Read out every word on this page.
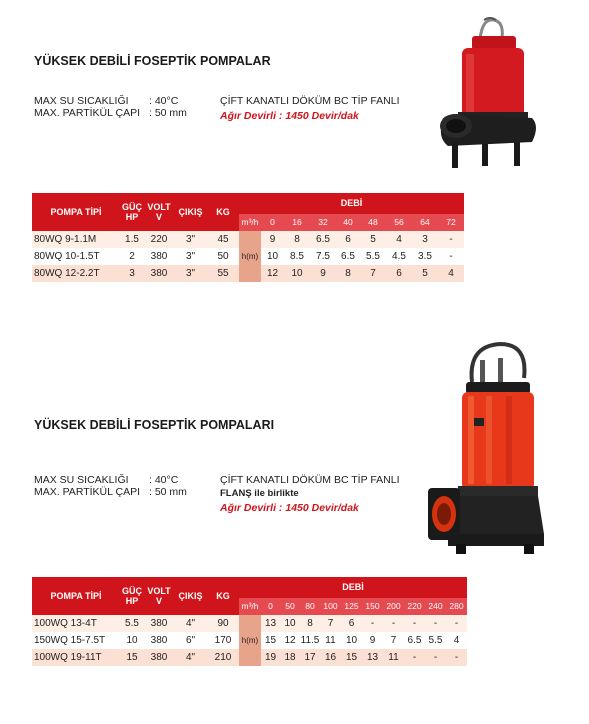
YÜKSEK DEBİLİ FOSEPTİK POMPALAR
MAX SU SICAKLIĞI	: 40°C
MAX. PARTİKÜL ÇAPI : 50 mm
ÇİFT KANATLI DÖKÜM BC TİP FANLI
Ağır Devirli : 1450 Devir/dak
POMPA TİPİ	GÜÇ HP	VOLT V	ÇIKIŞ	KG	DEBİ								
					m³/h	0	16	32	40	48	56	64	72
80WQ 9-1.1M	1.5	220	3"	45	h(m)	9	8	6.5	6	5	4	3	-
80WQ 10-1.5T	2	380	3"	50		10	8.5	7.5	6.5	5.5	4.5	3.5	-
80WQ 12-2.2T	3	380	3"	55		12	10	9	8	7	6	5	4
YÜKSEK DEBİLİ FOSEPTİK POMPALARI
MAX SU SICAKLIĞI	: 40°C
MAX. PARTİKÜL ÇAPI : 50 mm
ÇİFT KANATLI DÖKÜM BC TİP FANLI
FLANŞ ile birlikte
Ağır Devirli : 1450 Devir/dak
POMPA TİPİ	GÜÇ HP	VOLT V	ÇIKIŞ	KG	DEBİ										
					m³/h	0	50	80	100	125	150	200	220	240	280
100WQ 13-4T	5.5	380	4"	90	h(m)	13	10	8	7	6	-	-	-	-	-
150WQ 15-7.5T	10	380	6"	170		15	12	11.5	11	10	9	7	6.5	5.5	4
100WQ 19-11T	15	380	4"	210		19	18	17	16	15	13	11	-	-	-
